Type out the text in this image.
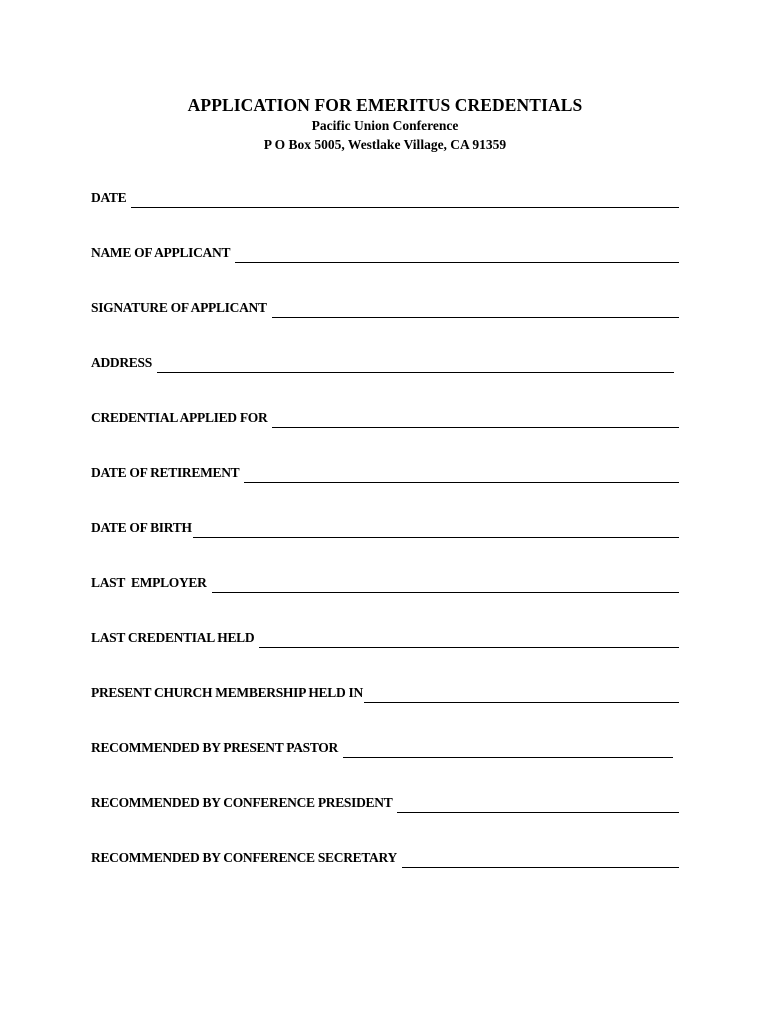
APPLICATION FOR EMERITUS CREDENTIALS
Pacific Union Conference
P O Box 5005, Westlake Village, CA 91359
DATE
NAME OF APPLICANT
SIGNATURE OF APPLICANT
ADDRESS
CREDENTIAL APPLIED FOR
DATE OF RETIREMENT
DATE OF BIRTH
LAST  EMPLOYER
LAST CREDENTIAL HELD
PRESENT CHURCH MEMBERSHIP HELD IN
RECOMMENDED BY PRESENT PASTOR
RECOMMENDED BY CONFERENCE PRESIDENT
RECOMMENDED BY CONFERENCE SECRETARY
